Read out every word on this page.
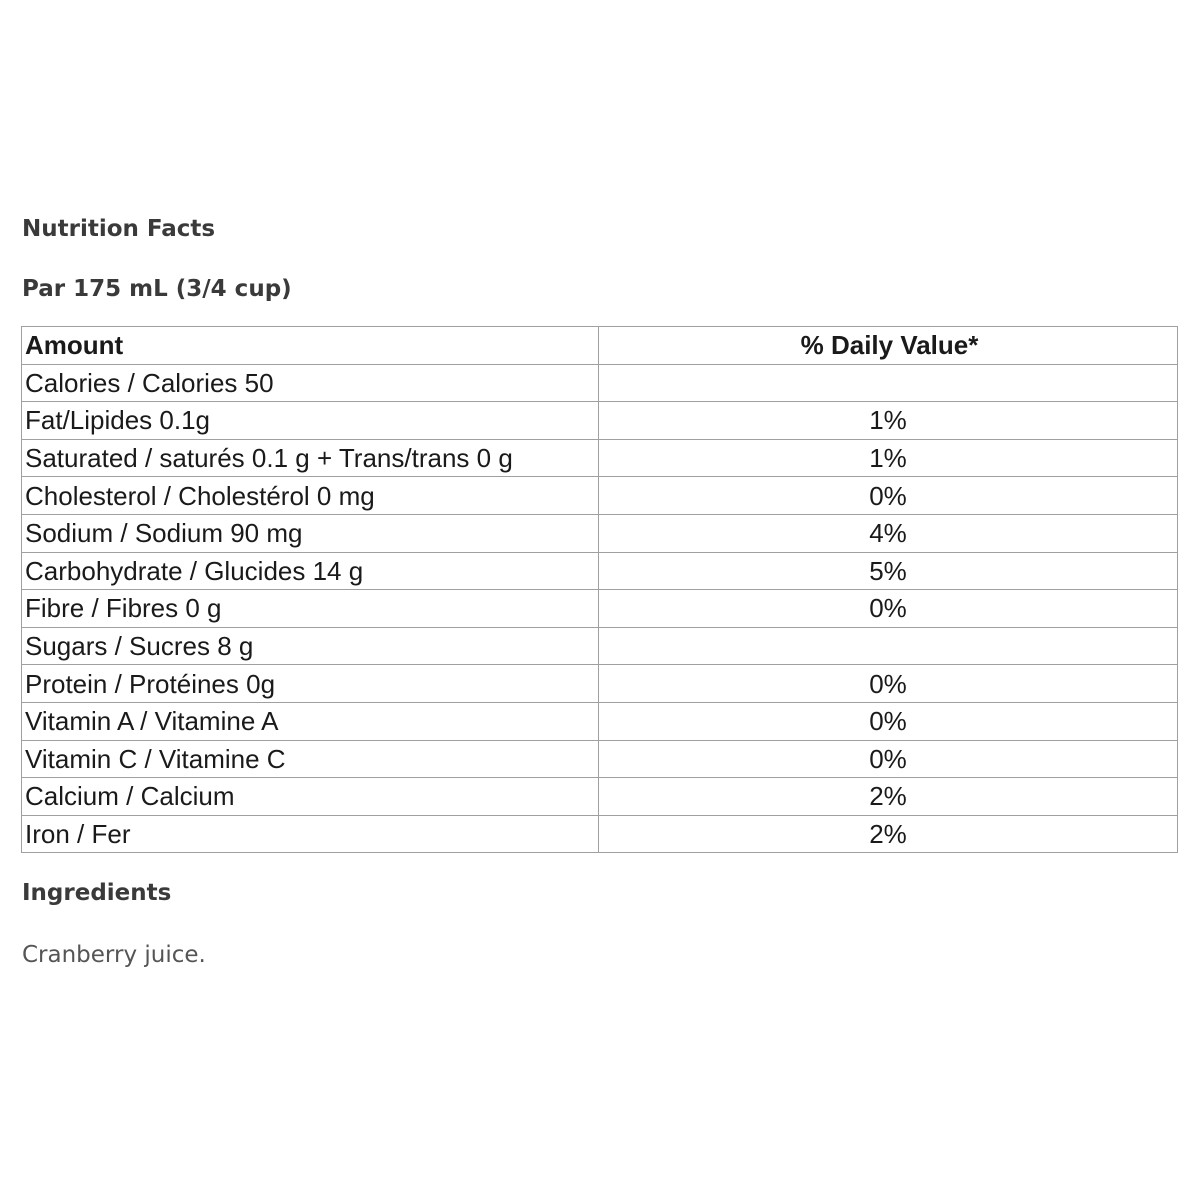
Nutrition Facts
Par 175 mL (3/4 cup)
Amount	% Daily Value*
Calories / Calories 50	
Fat/Lipides 0.1g	1%
Saturated / saturés 0.1 g + Trans/trans 0 g	1%
Cholesterol / Cholestérol 0 mg	0%
Sodium / Sodium 90 mg	4%
Carbohydrate / Glucides 14 g	5%
Fibre / Fibres 0 g	0%
Sugars / Sucres 8 g	
Protein / Protéines 0g	0%
Vitamin A / Vitamine A	0%
Vitamin C / Vitamine C	0%
Calcium / Calcium	2%
Iron / Fer	2%
Ingredients

Cranberry juice.
